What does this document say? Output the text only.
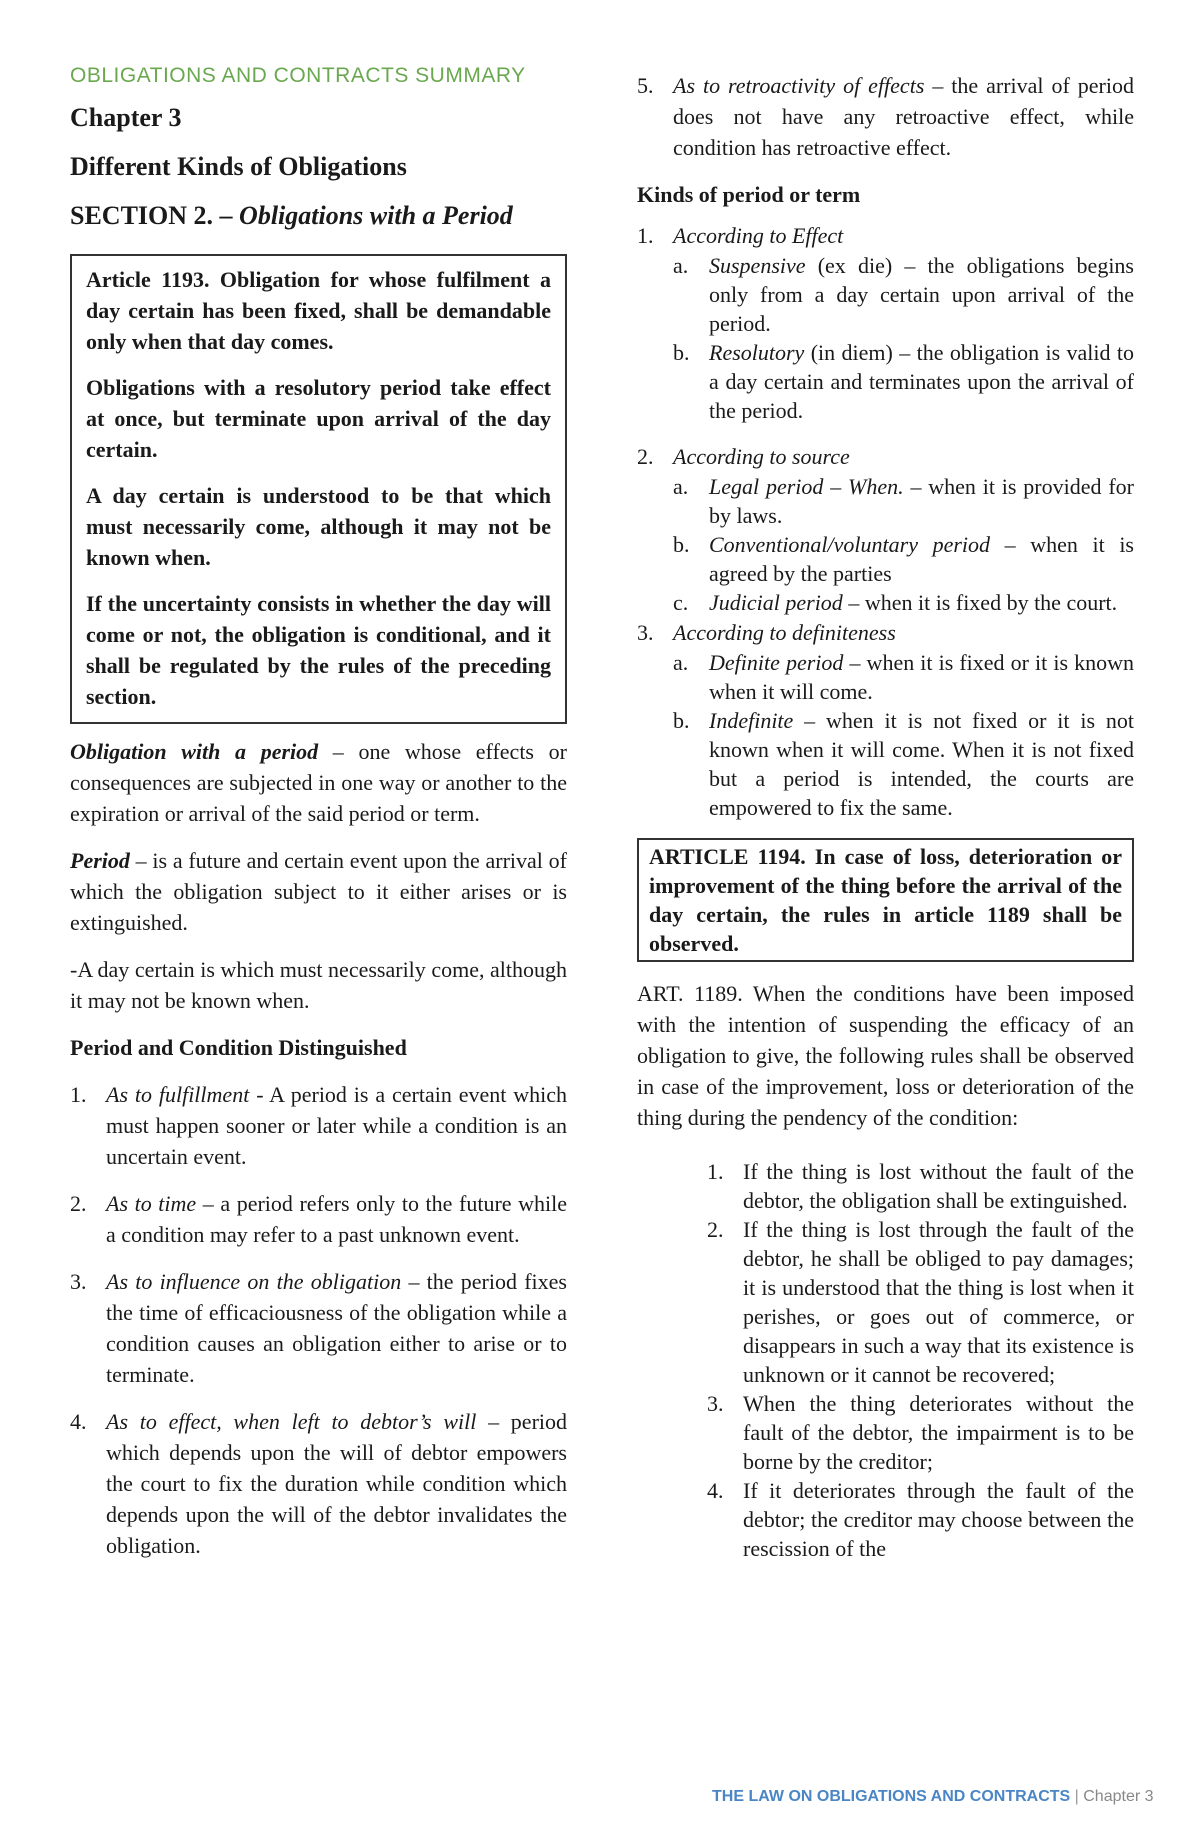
OBLIGATIONS AND CONTRACTS SUMMARY

Chapter 3

Different Kinds of Obligations

SECTION 2. – Obligations with a Period

Article 1193. Obligation for whose fulfilment a day certain has been fixed, shall be demandable only when that day comes.

Obligations with a resolutory period take effect at once, but terminate upon arrival of the day certain.

A day certain is understood to be that which must necessarily come, although it may not be known when.

If the uncertainty consists in whether the day will come or not, the obligation is conditional, and it shall be regulated by the rules of the preceding section.

Obligation with a period – one whose effects or consequences are subjected in one way or another to the expiration or arrival of the said period or term.

Period – is a future and certain event upon the arrival of which the obligation subject to it either arises or is extinguished.

-A day certain is which must necessarily come, although it may not be known when.

Period and Condition Distinguished

1. As to fulfillment - A period is a certain event which must happen sooner or later while a condition is an uncertain event.
2. As to time – a period refers only to the future while a condition may refer to a past unknown event.
3. As to influence on the obligation – the period fixes the time of efficaciousness of the obligation while a condition causes an obligation either to arise or to terminate.
4. As to effect, when left to debtor’s will – period which depends upon the will of debtor empowers the court to fix the duration while condition which depends upon the will of the debtor invalidates the obligation.
5. As to retroactivity of effects – the arrival of period does not have any retroactive effect, while condition has retroactive effect.

Kinds of period or term

1. According to Effect
a. Suspensive (ex die) – the obligations begins only from a day certain upon arrival of the period.
b. Resolutory (in diem) – the obligation is valid to a day certain and terminates upon the arrival of the period.
2. According to source
a. Legal period – When. – when it is provided for by laws.
b. Conventional/voluntary period – when it is agreed by the parties
c. Judicial period – when it is fixed by the court.
3. According to definiteness
a. Definite period – when it is fixed or it is known when it will come.
b. Indefinite – when it is not fixed or it is not known when it will come. When it is not fixed but a period is intended, the courts are empowered to fix the same.

ARTICLE 1194. In case of loss, deterioration or improvement of the thing before the arrival of the day certain, the rules in article 1189 shall be observed.

ART. 1189. When the conditions have been imposed with the intention of suspending the efficacy of an obligation to give, the following rules shall be observed in case of the improvement, loss or deterioration of the thing during the pendency of the condition:

1. If the thing is lost without the fault of the debtor, the obligation shall be extinguished.
2. If the thing is lost through the fault of the debtor, he shall be obliged to pay damages; it is understood that the thing is lost when it perishes, or goes out of commerce, or disappears in such a way that its existence is unknown or it cannot be recovered;
3. When the thing deteriorates without the fault of the debtor, the impairment is to be borne by the creditor;
4. If it deteriorates through the fault of the debtor; the creditor may choose between the rescission of the
THE LAW ON OBLIGATIONS AND CONTRACTS | Chapter 3
